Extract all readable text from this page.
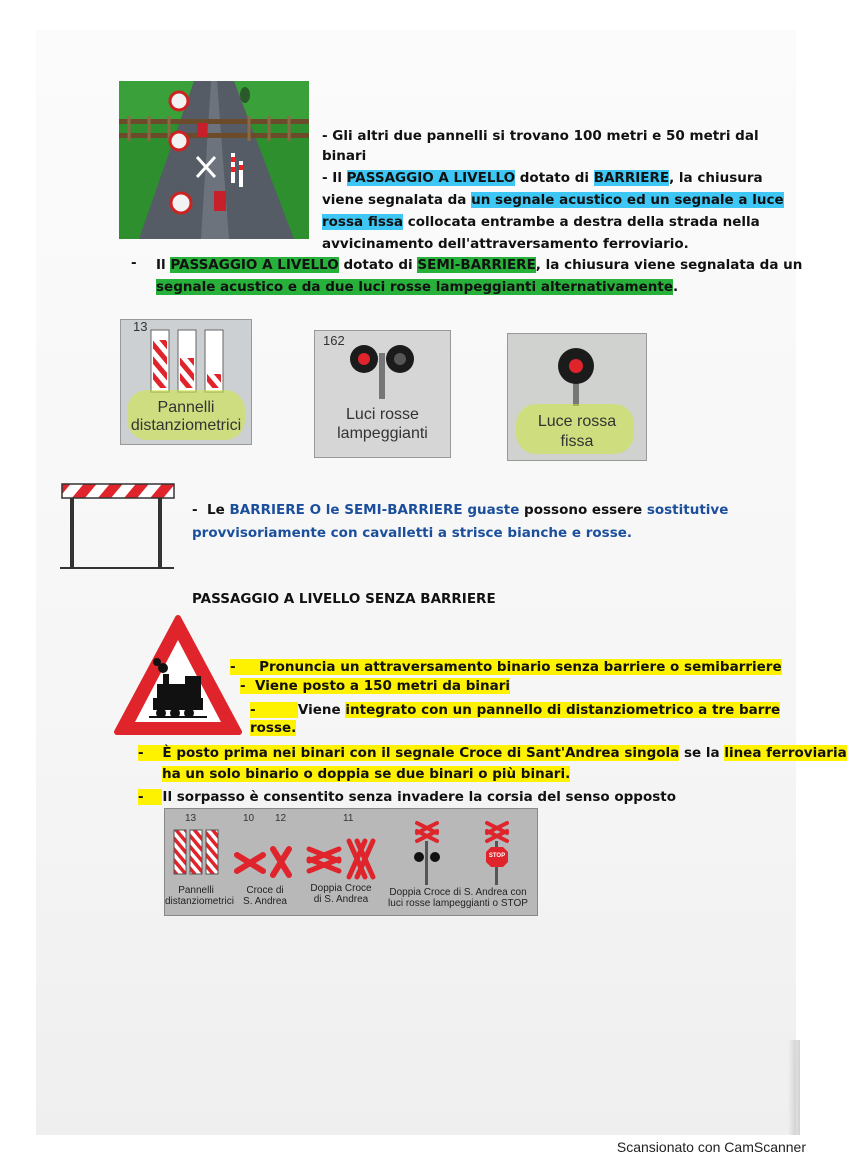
- Gli altri due pannelli si trovano 100 metri e 50 metri dal
binari
- Il PASSAGGIO A LIVELLO dotato di BARRIERE, la chiusura
viene segnalata da un segnale acustico ed un segnale a luce
rossa fissa collocata entrambe a destra della strada nella
avvicinamento dell'attraversamento ferroviario.
- Il PASSAGGIO A LIVELLO dotato di SEMI-BARRIERE, la chiusura viene segnalata da un
segnale acustico e da due luci rosse lampeggianti alternativamente.
13
Pannelli
distanziometrici
162
Luci rosse
lampeggianti
Luce rossa
fissa
- Le BARRIERE O le SEMI-BARRIERE guaste possono essere sostitutive
provvisoriamente con cavalletti a strisce bianche e rosse.
PASSAGGIO A LIVELLO SENZA BARRIERE
- Pronuncia un attraversamento binario senza barriere o semibarriere
- Viene posto a 150 metri da binari
-	Viene integrato con un pannello di distanziometrico a tre barre
rosse.
- È posto prima nei binari con il segnale Croce di Sant'Andrea singola se la linea ferroviaria
ha un solo binario o doppia se due binari o più binari.
- Il sorpasso è consentito senza invadere la corsia del senso opposto
13	10 12	11
STOP
Pannelli
distanziometrici
Croce di
S. Andrea
Doppia Croce
di S. Andrea
Doppia Croce di S. Andrea con
luci rosse lampeggianti o STOP
Scansionato con CamScanner
